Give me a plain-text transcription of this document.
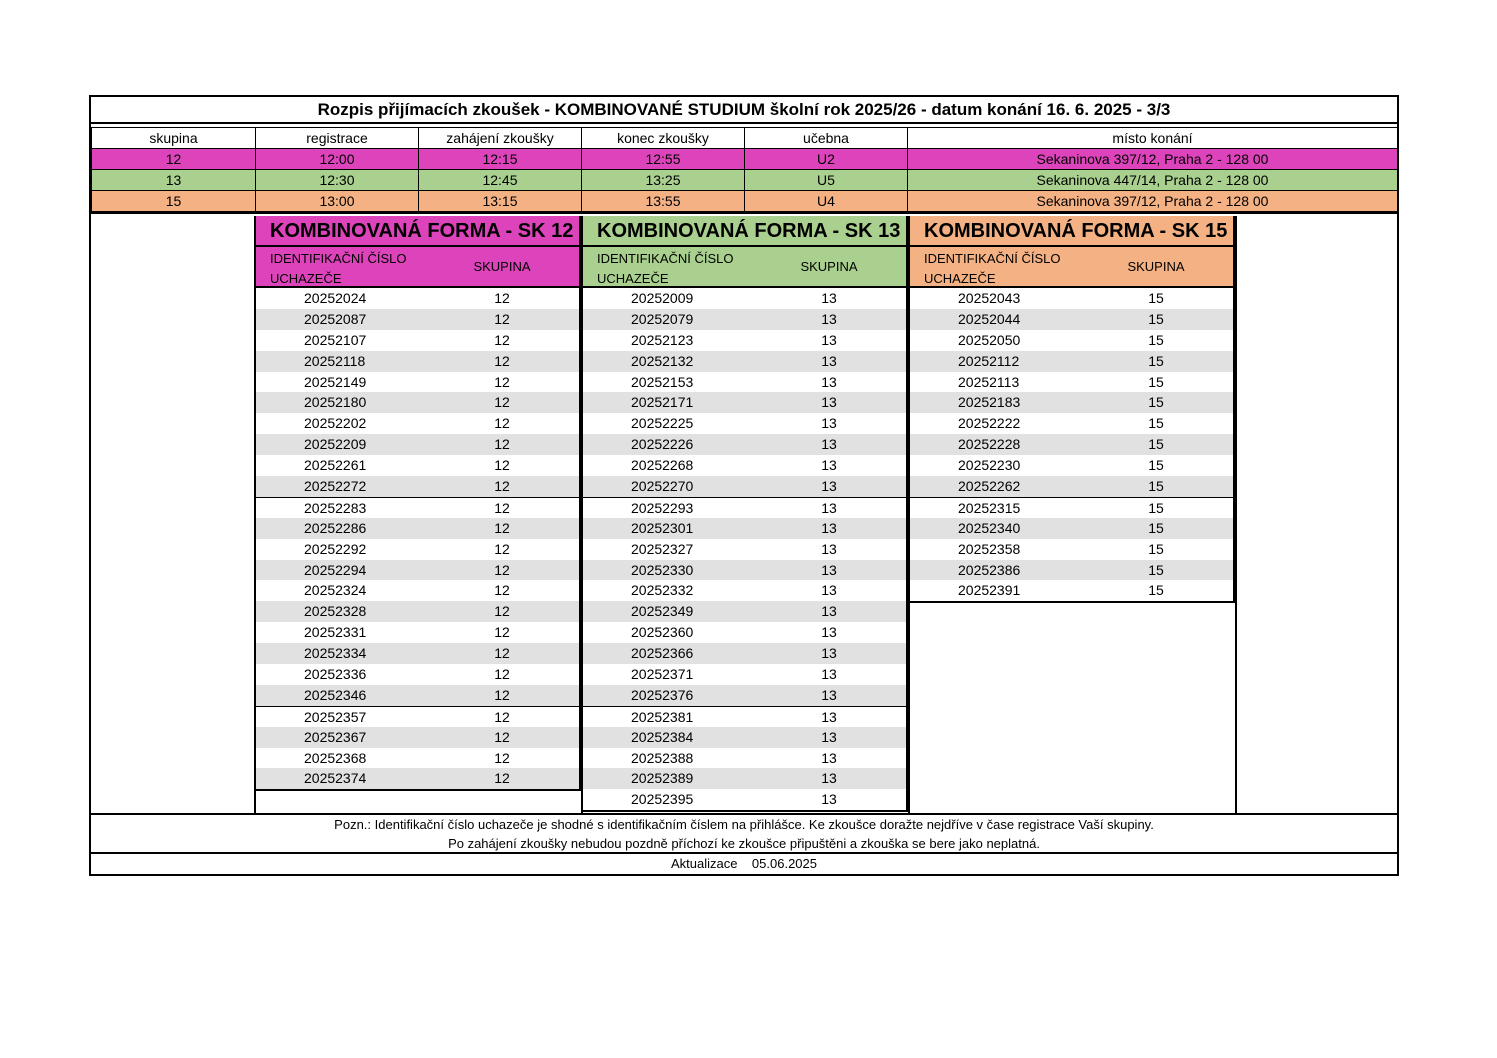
Rozpis přijímacích zkoušek - KOMBINOVANÉ STUDIUM školní rok 2025/26 - datum konání 16. 6. 2025 - 3/3
skupina	registrace	zahájení zkoušky	konec zkoušky	učebna	místo konání
12	12:00	12:15	12:55	U2	Sekaninova 397/12, Praha 2 - 128 00
13	12:30	12:45	13:25	U5	Sekaninova 447/14, Praha 2 - 128 00
15	13:00	13:15	13:55	U4	Sekaninova 397/12, Praha 2 - 128 00
KOMBINOVANÁ FORMA - SK 12
IDENTIFIKAČNÍ ČÍSLO UCHAZEČE
SKUPINA
20252024	12
20252087	12
20252107	12
20252118	12
20252149	12
20252180	12
20252202	12
20252209	12
20252261	12
20252272	12
20252283	12
20252286	12
20252292	12
20252294	12
20252324	12
20252328	12
20252331	12
20252334	12
20252336	12
20252346	12
20252357	12
20252367	12
20252368	12
20252374	12
KOMBINOVANÁ FORMA - SK 13
IDENTIFIKAČNÍ ČÍSLO UCHAZEČE
SKUPINA
20252009	13
20252079	13
20252123	13
20252132	13
20252153	13
20252171	13
20252225	13
20252226	13
20252268	13
20252270	13
20252293	13
20252301	13
20252327	13
20252330	13
20252332	13
20252349	13
20252360	13
20252366	13
20252371	13
20252376	13
20252381	13
20252384	13
20252388	13
20252389	13
20252395	13
KOMBINOVANÁ FORMA - SK 15
IDENTIFIKAČNÍ ČÍSLO UCHAZEČE
SKUPINA
20252043	15
20252044	15
20252050	15
20252112	15
20252113	15
20252183	15
20252222	15
20252228	15
20252230	15
20252262	15
20252315	15
20252340	15
20252358	15
20252386	15
20252391	15
Pozn.: Identifikační číslo uchazeče je shodné s identifikačním číslem na přihlášce. Ke zkoušce doražte nejdříve v čase registrace Vaší skupiny.
Po zahájení zkoušky nebudou pozdně příchozí ke zkoušce připuštěni a zkouška se bere jako neplatná.
Aktualizace    05.06.2025
